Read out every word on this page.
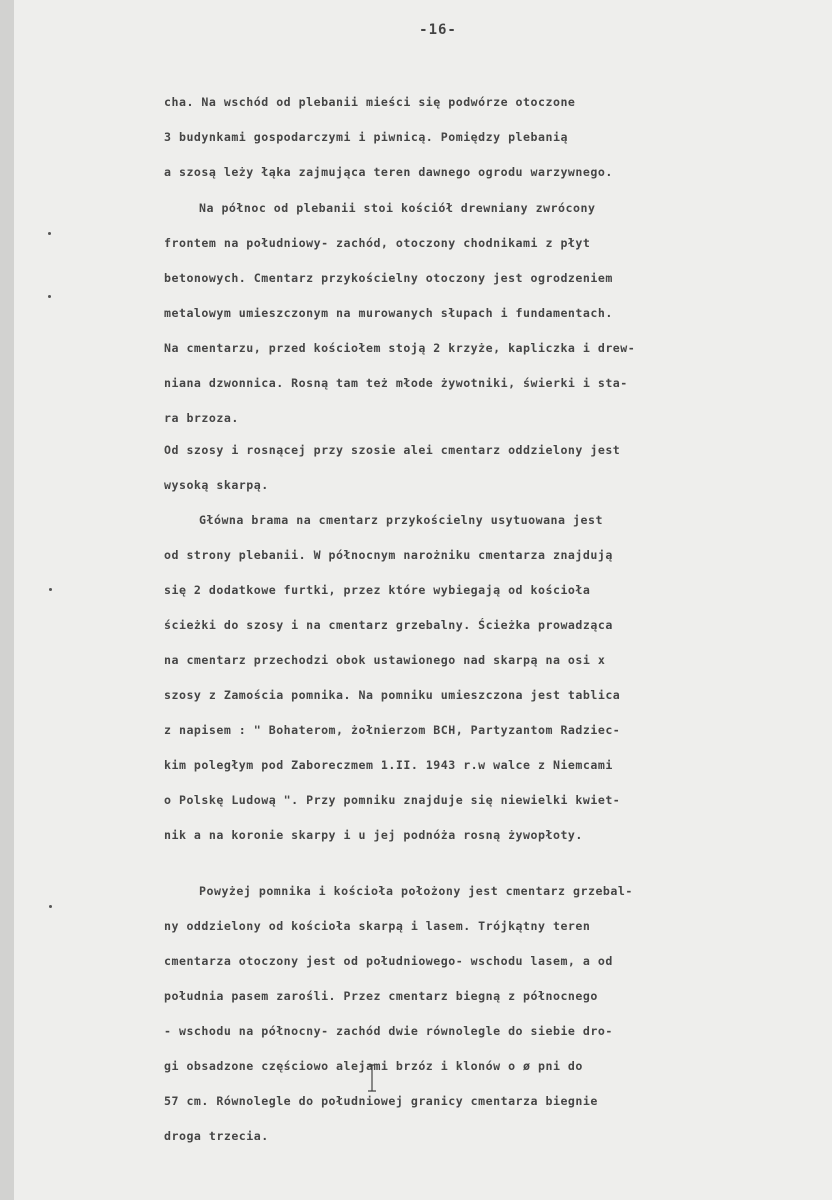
-16-
cha. Na wschód od plebanii mieści się podwórze otoczone
3 budynkami gospodarczymi i piwnicą. Pomiędzy plebanią
a szosą leży łąka zajmująca teren dawnego ogrodu warzywnego.
Na północ od plebanii stoi kościół drewniany zwrócony
frontem na południowy- zachód, otoczony chodnikami z płyt
betonowych. Cmentarz przykościelny otoczony jest ogrodzeniem
metalowym umieszczonym na murowanych słupach i fundamentach.
Na cmentarzu, przed kościołem stoją 2 krzyże, kapliczka i drew-
niana dzwonnica. Rosną tam też młode żywotniki, świerki i sta-
ra brzoza.
Od szosy i rosnącej przy szosie alei cmentarz oddzielony jest
wysoką skarpą.
Główna brama na cmentarz przykościelny usytuowana jest
od strony plebanii. W północnym narożniku cmentarza znajdują
się 2 dodatkowe furtki, przez które wybiegają od kościoła
ścieżki do szosy i na cmentarz grzebalny. Ścieżka prowadząca
na cmentarz przechodzi obok ustawionego nad skarpą na osi x
szosy z Zamościa pomnika. Na pomniku umieszczona jest tablica
z napisem : " Bohaterom, żołnierzom BCH, Partyzantom Radziec-
kim poległym pod Zaboreczmem 1.II. 1943 r.w walce z Niemcami
o Polskę Ludową ". Przy pomniku znajduje się niewielki kwiet-
nik a na koronie skarpy i u jej podnóża rosną żywopłoty.
Powyżej pomnika i kościoła położony jest cmentarz grzebal-
ny oddzielony od kościoła skarpą i lasem. Trójkątny teren
cmentarza otoczony jest od południowego- wschodu lasem, a od
południa pasem zarośli. Przez cmentarz biegną z północnego
- wschodu na północny- zachód dwie równolegle do siebie dro-
gi obsadzone częściowo alejami brzóz i klonów o ø pni do
57 cm. Równolegle do południowej granicy cmentarza biegnie
droga trzecia.
